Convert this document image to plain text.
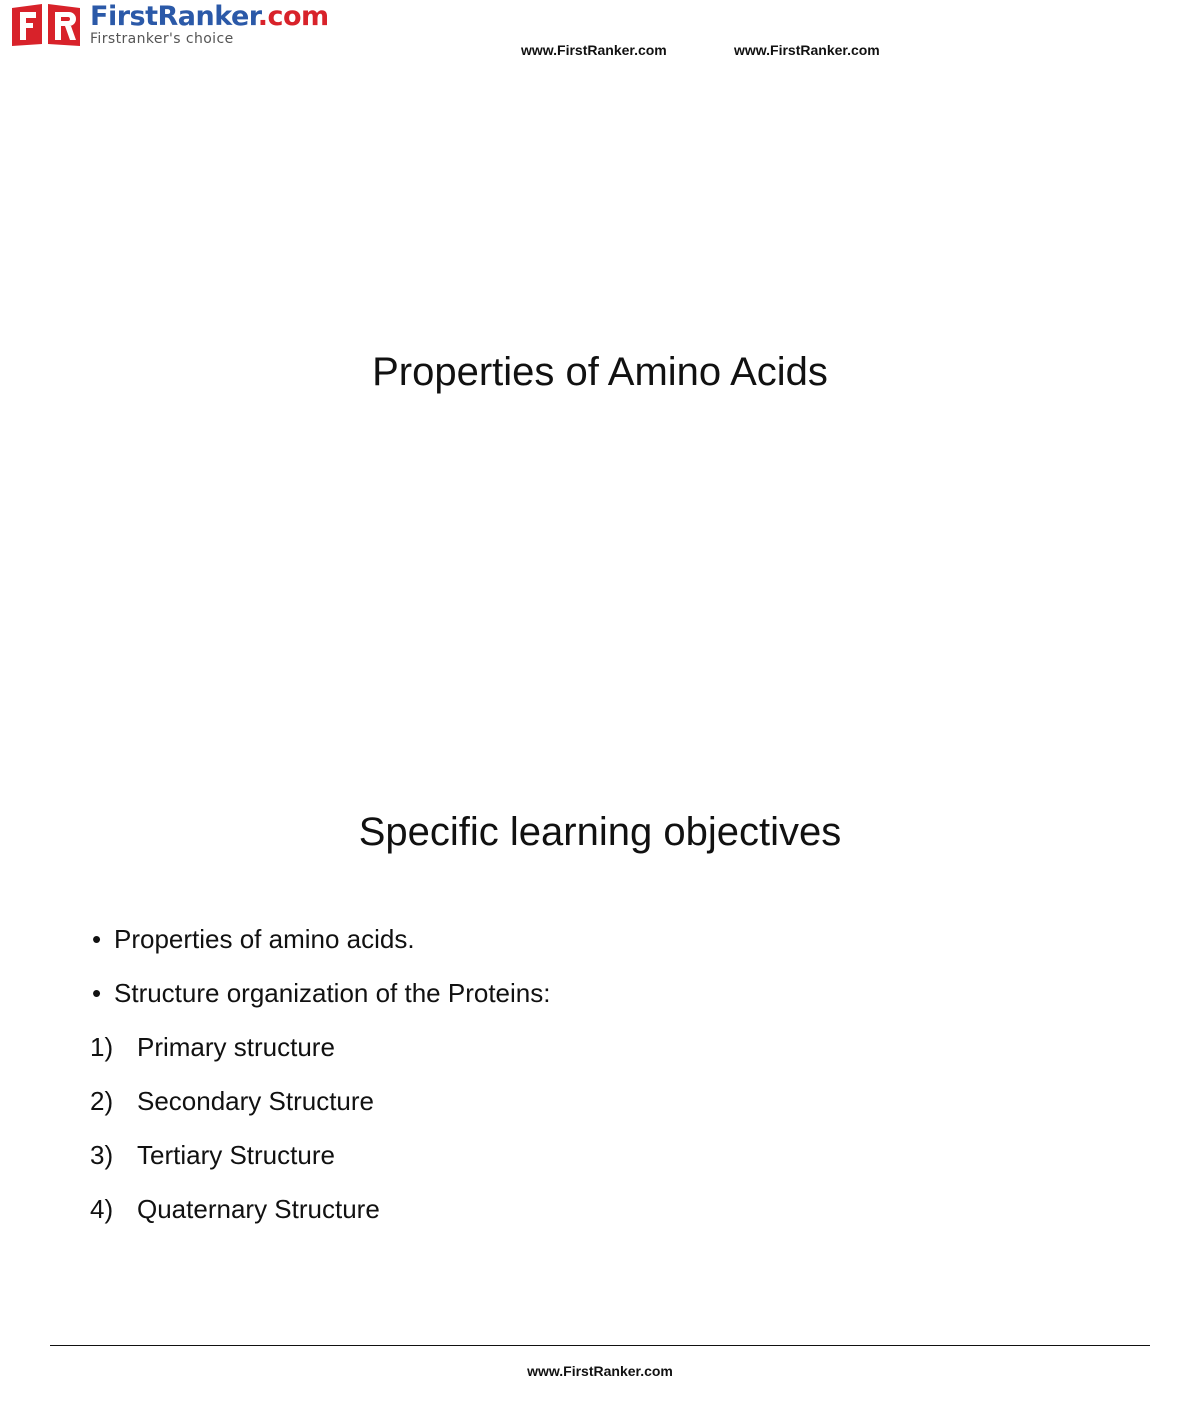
FirstRanker.com
Firstranker's choice
www.FirstRanker.com	www.FirstRanker.com
Properties of Amino Acids
Specific learning objectives
• Properties of amino acids.
• Structure organization of the Proteins:
1) Primary structure
2) Secondary Structure
3) Tertiary Structure
4) Quaternary Structure
www.FirstRanker.com
